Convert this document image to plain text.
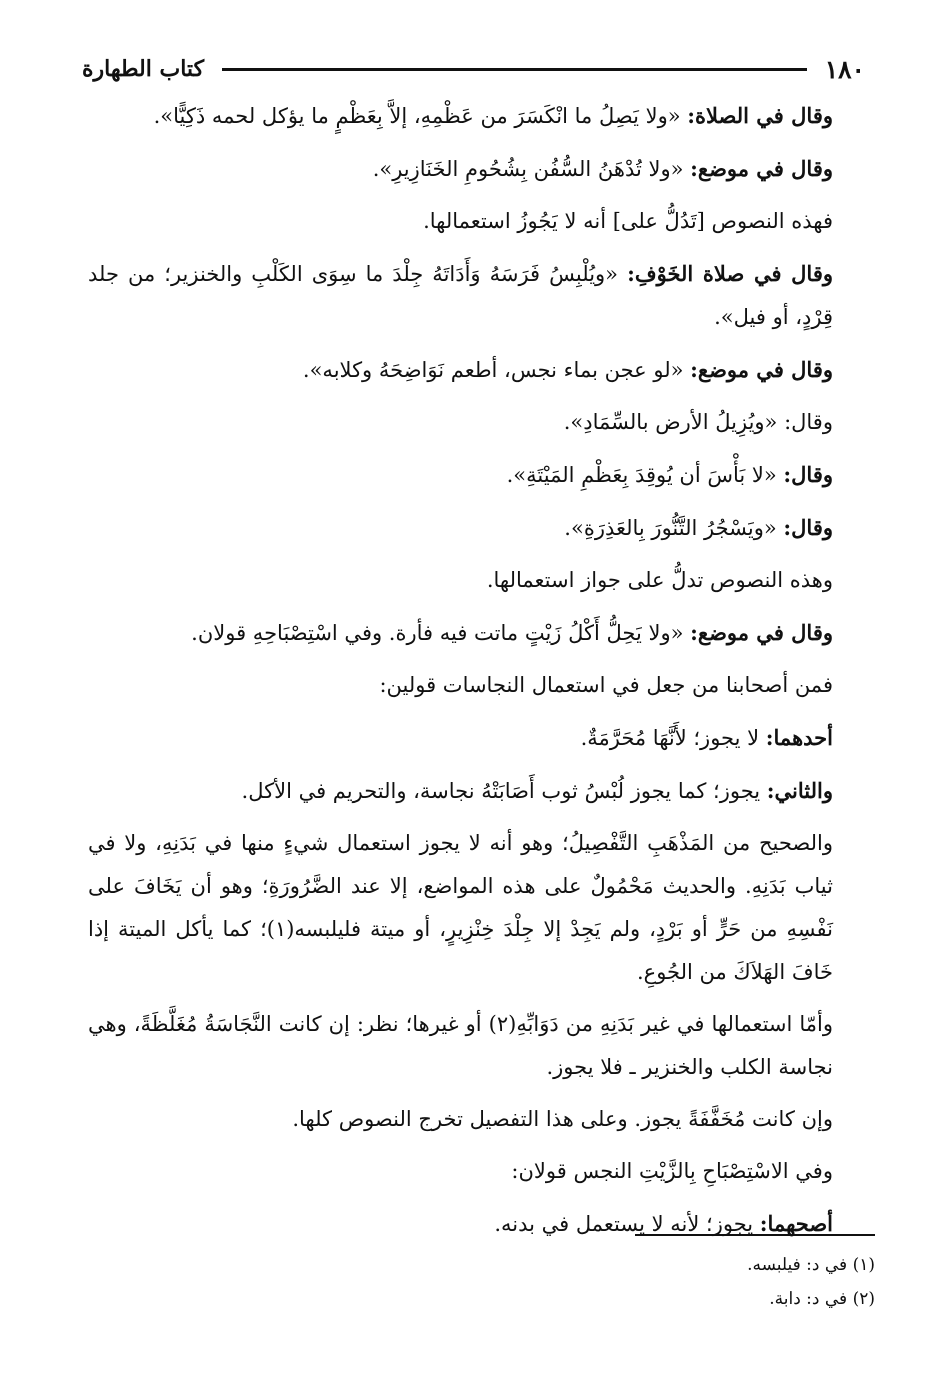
١٨٠
كتاب الطهارة

وقال في الصلاة: «ولا يَصِلُ ما انْكَسَرَ من عَظْمِهِ، إلاَّ بِعَظْمٍ ما يؤكل لحمه ذَكِيًّا».

وقال في موضع: «ولا تُدْهَنُ السُّفُن بِشُحُومِ الخَنَازِيرِ».

فهذه النصوص [تَدُلُّ على] أنه لا يَجُوزُ استعمالها.

وقال في صلاة الخَوْفِ: «ويُلْبِسُ فَرَسَهُ وَأَدَاتَهُ جِلْدَ ما سِوَى الكَلْبِ والخنزير؛ من جلد قِرْدٍ، أو فيل».

وقال في موضع: «لو عجن بماء نجس، أطعم نَوَاضِحَهُ وكلابه».

وقال: «ويُزِيلُ الأرض بالسِّمَادِ».

وقال: «لا بَأْسَ أن يُوقِدَ بِعَظْمِ المَيْتَةِ».

وقال: «ويَسْجُرُ التَّنُّورَ بِالعَذِرَةِ».

وهذه النصوص تدلُّ على جواز استعمالها.

وقال في موضع: «ولا يَحِلُّ أَكْلُ زَيْتٍ ماتت فيه فأرة. وفي اسْتِصْبَاحِهِ قولان.

فمن أصحابنا من جعل في استعمال النجاسات قولين:

أحدهما: لا يجوز؛ لأَنَّهَا مُحَرَّمَةٌ.

والثاني: يجوز؛ كما يجوز لُبْسُ ثوب أَصَابَتْهُ نجاسة، والتحريم في الأكل.

والصحيح من المَذْهَبِ التَّفْصِيلُ؛ وهو أنه لا يجوز استعمال شيءٍ منها في بَدَنِهِ، ولا في ثياب بَدَنِهِ. والحديث مَحْمُولٌ على هذه المواضع، إلا عند الضَّرُورَةِ؛ وهو أن يَخَافَ على نَفْسِهِ من حَرٍّ أو بَرْدٍ، ولم يَجِدْ إلا جِلْدَ خِنْزِيرٍ، أو ميتة فليلبسه(١)؛ كما يأكل الميتة إذا خَافَ الهَلاَكَ من الجُوعِ.

وأمّا استعمالها في غير بَدَنِهِ من دَوَابِّهِ(٢) أو غيرها؛ نظر: إن كانت النَّجَاسَةُ مُغَلَّظَةً، وهي نجاسة الكلب والخنزير ـ فلا يجوز.

وإن كانت مُخَفَّفَةً يجوز. وعلى هذا التفصيل تخرج النصوص كلها.

وفي الاسْتِصْبَاحِ بِالزَّيْتِ النجس قولان:

أصحهما: يجوز؛ لأنه لا يستعمل في بدنه.

(١) في د: فيلبسه.
(٢) في د: دابة.
